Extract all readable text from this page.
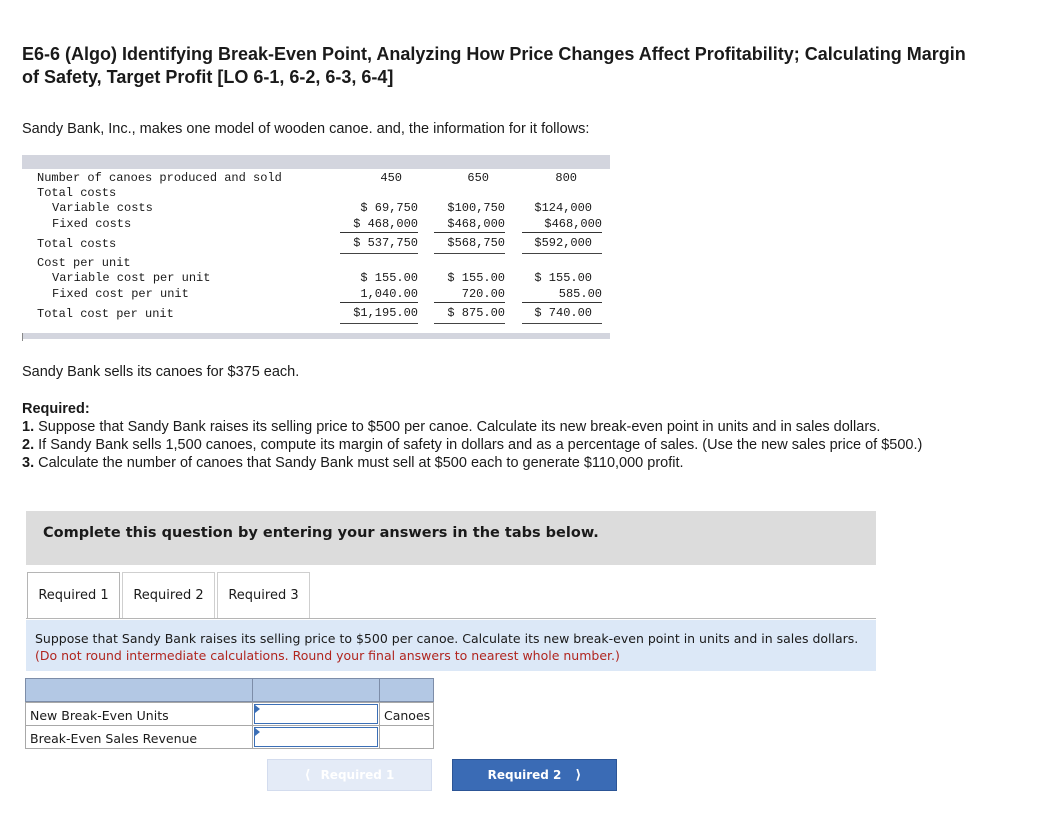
E6-6 (Algo) Identifying Break-Even Point, Analyzing How Price Changes Affect Profitability; Calculating Margin of Safety, Target Profit [LO 6-1, 6-2, 6-3, 6-4]
Sandy Bank, Inc., makes one model of wooden canoe. and, the information for it follows:
Number of canoes produced and sold	450	650	800
Total costs
Variable costs	$ 69,750	$100,750	$124,000
Fixed costs	$ 468,000	$468,000	$468,000
Total costs	$ 537,750	$568,750	$592,000
Cost per unit
Variable cost per unit	$ 155.00	$ 155.00	$ 155.00
Fixed cost per unit	1,040.00	720.00	585.00
Total cost per unit	$1,195.00	$ 875.00	$ 740.00
Sandy Bank sells its canoes for $375 each.
Required:
1. Suppose that Sandy Bank raises its selling price to $500 per canoe. Calculate its new break-even point in units and in sales dollars.
2. If Sandy Bank sells 1,500 canoes, compute its margin of safety in dollars and as a percentage of sales. (Use the new sales price of $500.)
3. Calculate the number of canoes that Sandy Bank must sell at $500 each to generate $110,000 profit.
Complete this question by entering your answers in the tabs below.
Required 1	Required 2	Required 3
Suppose that Sandy Bank raises its selling price to $500 per canoe. Calculate its new break-even point in units and in sales dollars. (Do not round intermediate calculations. Round your final answers to nearest whole number.)
New Break-Even Units	Canoes
Break-Even Sales Revenue
⟨ Required 1	Required 2 ⟩
